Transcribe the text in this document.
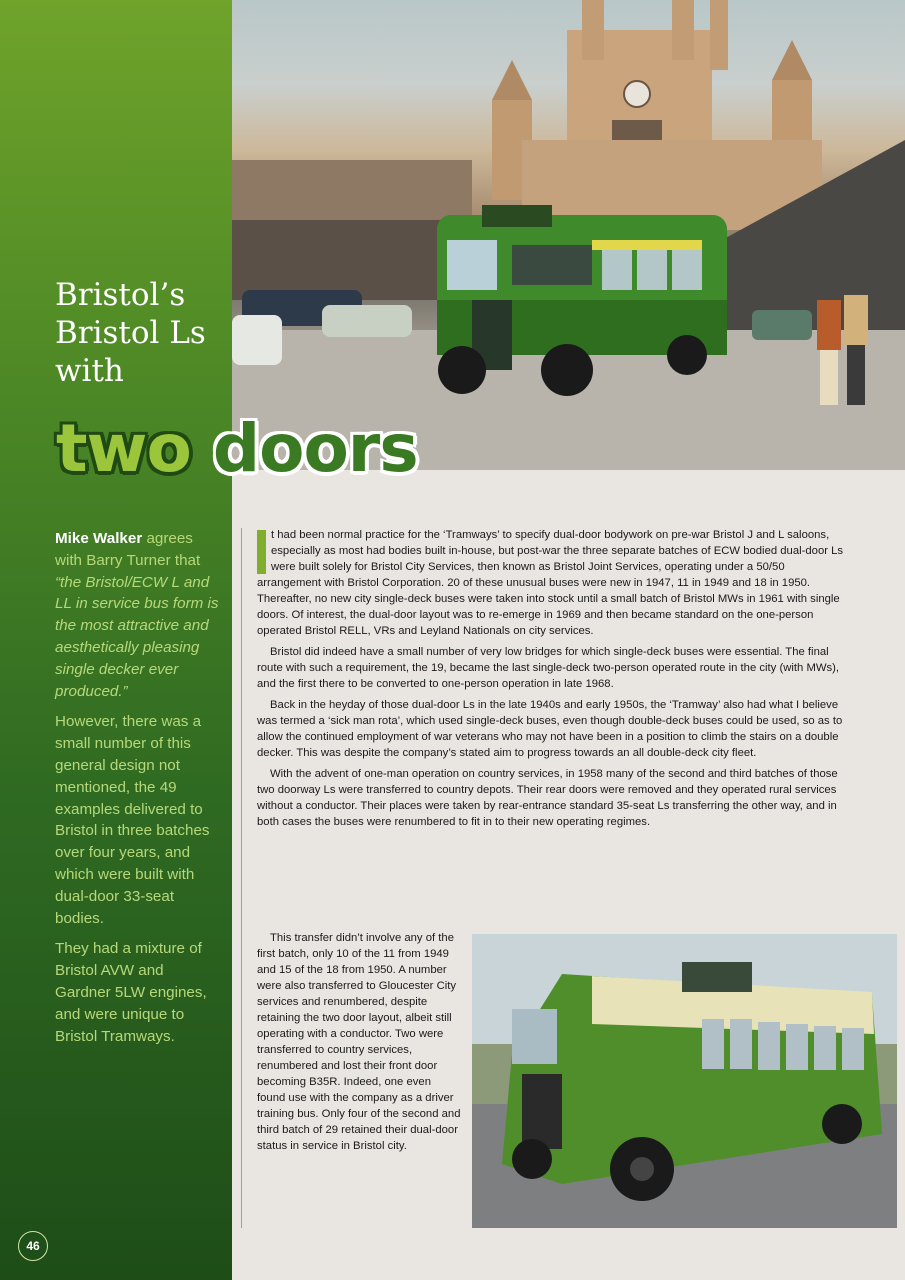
Bristol’s Bristol Ls with
two doors

Mike Walker agrees with Barry Turner that “the Bristol/ECW L and LL in service bus form is the most attractive and aesthetically pleasing single decker ever produced.”

However, there was a small number of this general design not mentioned, the 49 examples delivered to Bristol in three batches over four years, and which were built with dual-door 33-seat bodies.

They had a mixture of Bristol AVW and Gardner 5LW engines, and were unique to Bristol Tramways.

I t had been normal practice for the ‘Tramways’ to specify dual-door bodywork on pre-war Bristol J and L saloons, especially as most had bodies built in-house, but post-war the three separate batches of ECW bodied dual-door Ls were built solely for Bristol City Services, then known as Bristol Joint Services, operating under a 50/50 arrangement with Bristol Corporation. 20 of these unusual buses were new in 1947, 11 in 1949 and 18 in 1950. Thereafter, no new city single-deck buses were taken into stock until a small batch of Bristol MWs in 1961 with single doors. Of interest, the dual-door layout was to re-emerge in 1969 and then became standard on the one-person operated Bristol RELL, VRs and Leyland Nationals on city services.

Bristol did indeed have a small number of very low bridges for which single-deck buses were essential. The final route with such a requirement, the 19, became the last single-deck two-person operated route in the city (with MWs), and the first there to be converted to one-person operation in late 1968.

Back in the heyday of those dual-door Ls in the late 1940s and early 1950s, the ‘Tramway’ also had what I believe was termed a ‘sick man rota’, which used single-deck buses, even though double-deck buses could be used, so as to allow the continued employment of war veterans who may not have been in a position to climb the stairs on a double decker. This was despite the company’s stated aim to progress towards an all double-deck city fleet.

With the advent of one-man operation on country services, in 1958 many of the second and third batches of those two doorway Ls were transferred to country depots. Their rear doors were removed and they operated rural services without a conductor. Their places were taken by rear-entrance standard 35-seat Ls transferring the other way, and in both cases the buses were renumbered to fit in to their new operating regimes.

This transfer didn’t involve any of the first batch, only 10 of the 11 from 1949 and 15 of the 18 from 1950. A number were also transferred to Gloucester City services and renumbered, despite retaining the two door layout, albeit still operating with a conductor. Two were transferred to country services, renumbered and lost their front door becoming B35R. Indeed, one even found use with the company as a driver training bus. Only four of the second and third batch of 29 retained their dual-door status in service in Bristol city.

46
